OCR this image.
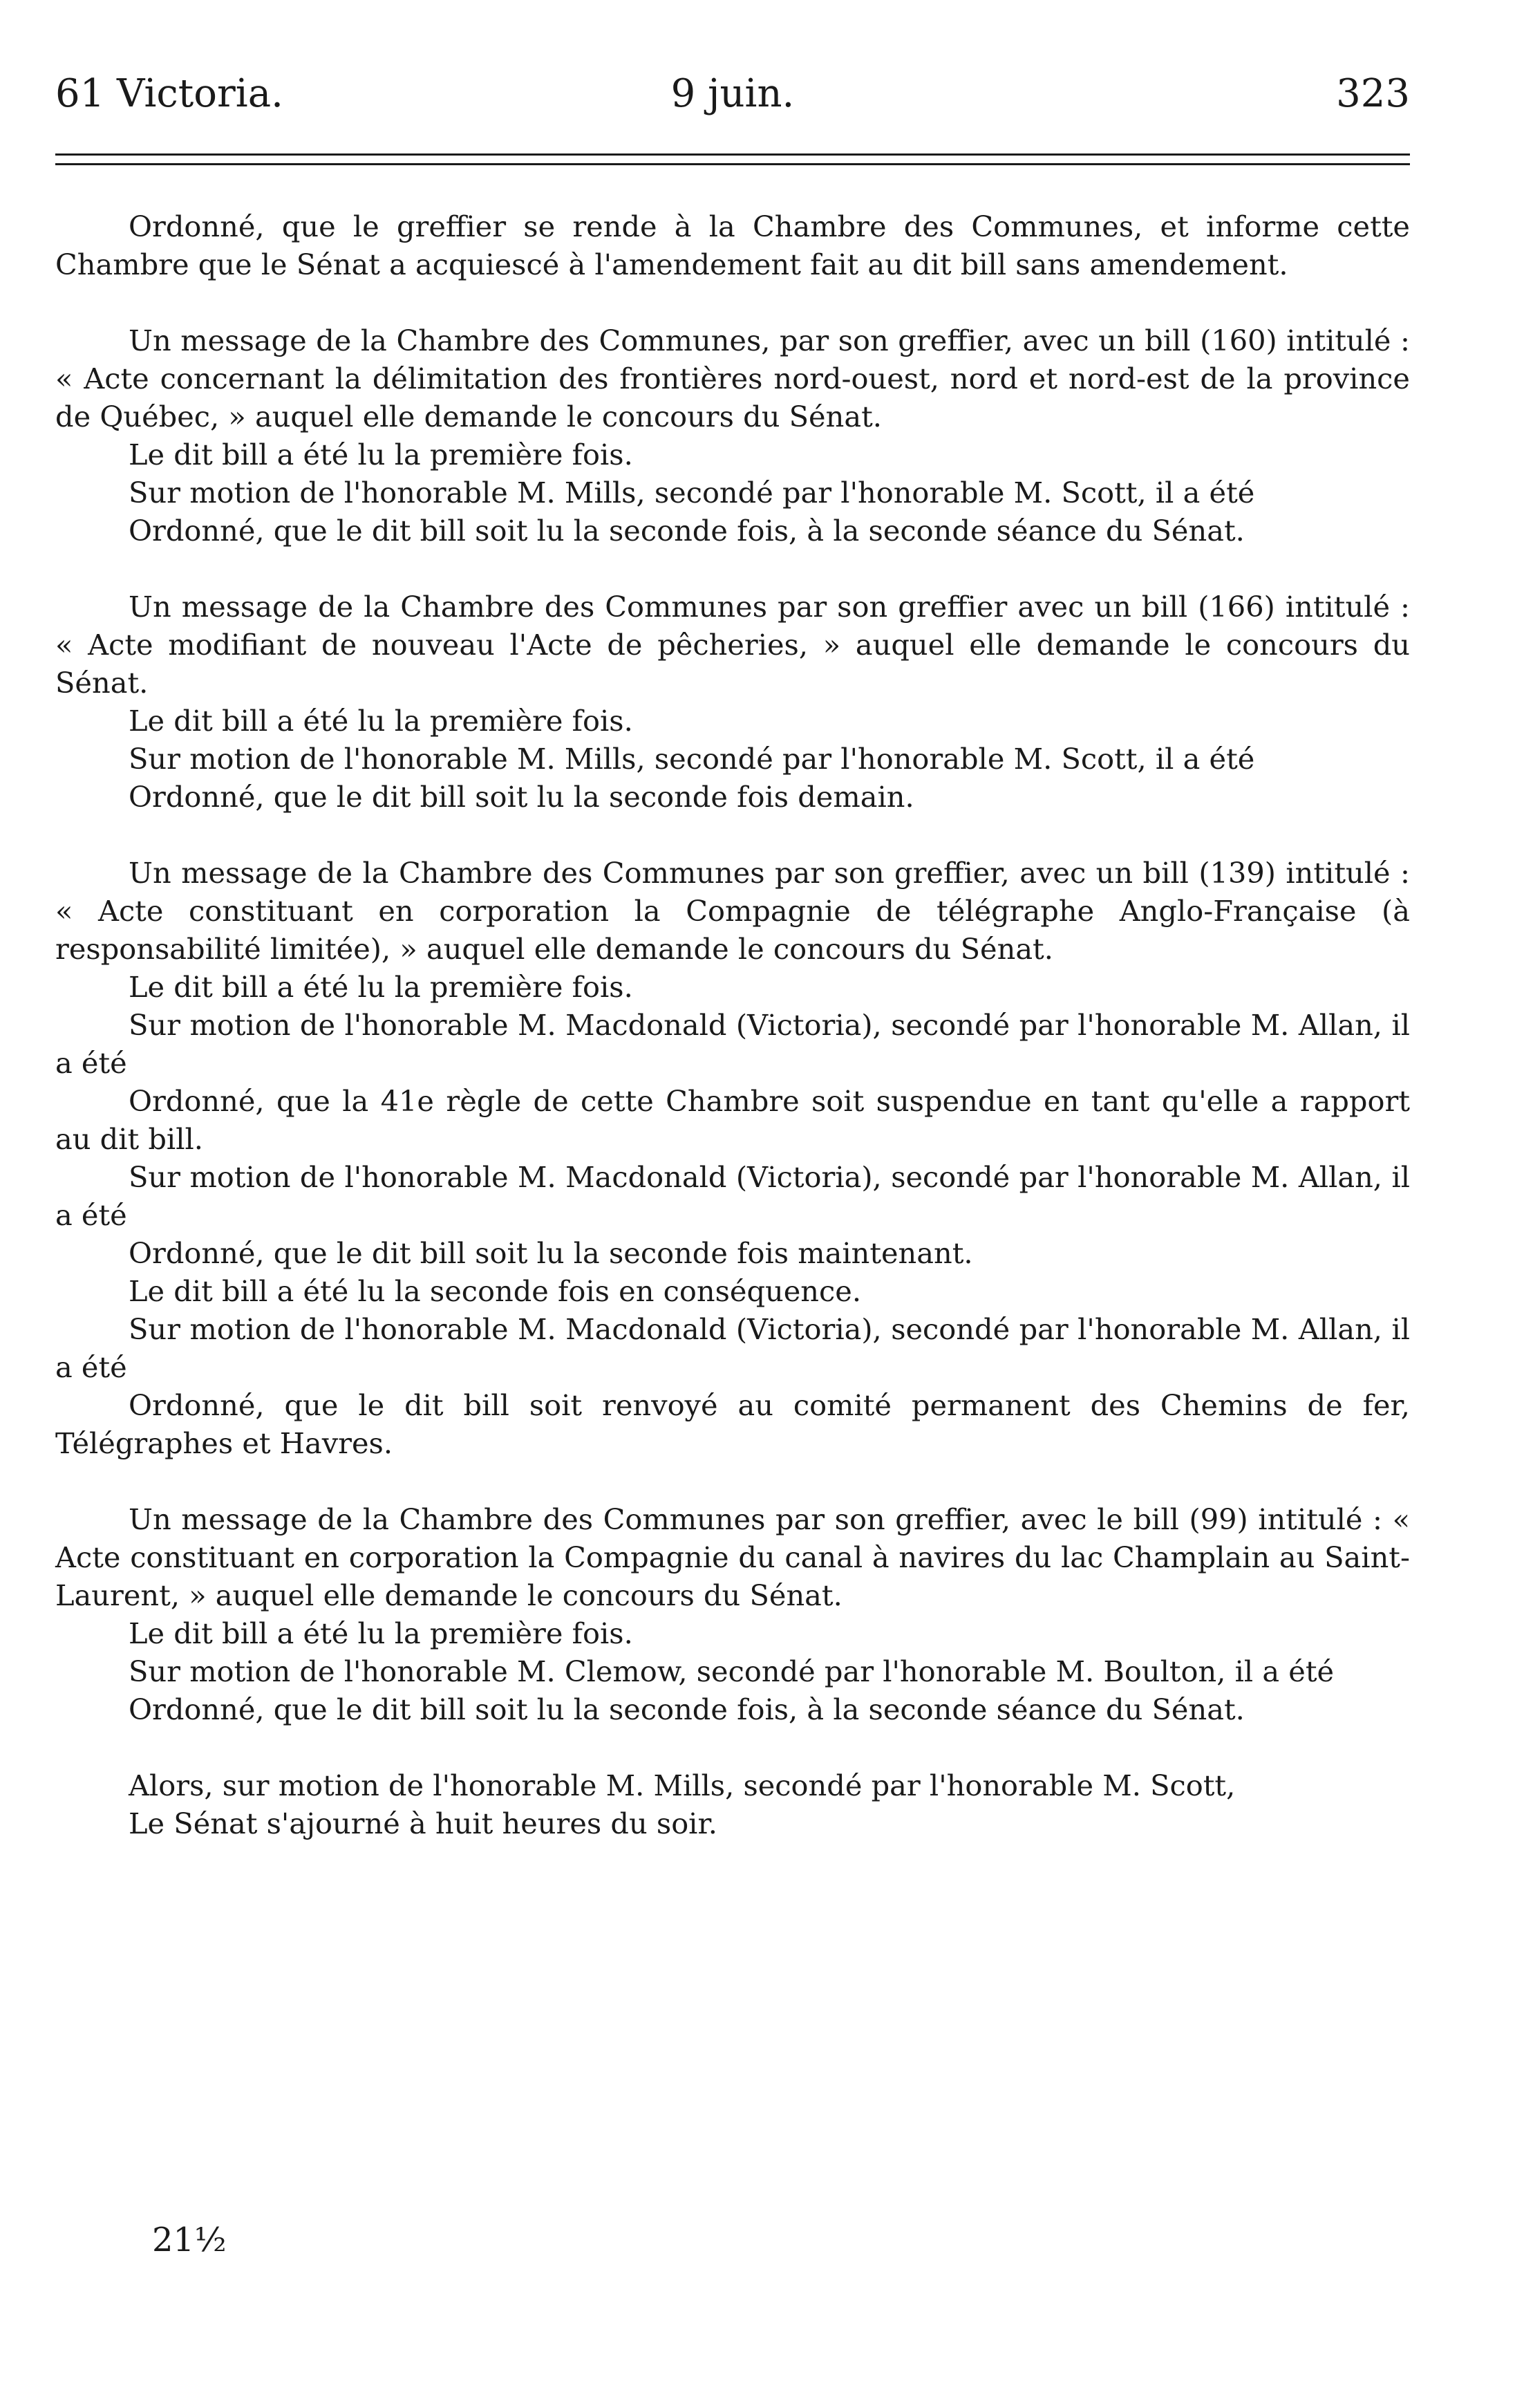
61 Victoria.	9 juin.	323

Ordonné, que le greffier se rende à la Chambre des Communes, et informe cette Chambre que le Sénat a acquiescé à l'amendement fait au dit bill sans amendement.

Un message de la Chambre des Communes, par son greffier, avec un bill (160) intitulé : « Acte concernant la délimitation des frontières nord-ouest, nord et nord-est de la province de Québec, » auquel elle demande le concours du Sénat.

Le dit bill a été lu la première fois.

Sur motion de l'honorable M. Mills, secondé par l'honorable M. Scott, il a été

Ordonné, que le dit bill soit lu la seconde fois, à la seconde séance du Sénat.

Un message de la Chambre des Communes par son greffier avec un bill (166) intitulé : « Acte modifiant de nouveau l'Acte de pêcheries, » auquel elle demande le concours du Sénat.

Le dit bill a été lu la première fois.

Sur motion de l'honorable M. Mills, secondé par l'honorable M. Scott, il a été

Ordonné, que le dit bill soit lu la seconde fois demain.

Un message de la Chambre des Communes par son greffier, avec un bill (139) intitulé : « Acte constituant en corporation la Compagnie de télégraphe Anglo-Française (à responsabilité limitée), » auquel elle demande le concours du Sénat.

Le dit bill a été lu la première fois.

Sur motion de l'honorable M. Macdonald (Victoria), secondé par l'honorable M. Allan, il a été

Ordonné, que la 41e règle de cette Chambre soit suspendue en tant qu'elle a rapport au dit bill.

Sur motion de l'honorable M. Macdonald (Victoria), secondé par l'honorable M. Allan, il a été

Ordonné, que le dit bill soit lu la seconde fois maintenant.

Le dit bill a été lu la seconde fois en conséquence.

Sur motion de l'honorable M. Macdonald (Victoria), secondé par l'honorable M. Allan, il a été

Ordonné, que le dit bill soit renvoyé au comité permanent des Chemins de fer, Télégraphes et Havres.

Un message de la Chambre des Communes par son greffier, avec le bill (99) intitulé : « Acte constituant en corporation la Compagnie du canal à navires du lac Champlain au Saint-Laurent, » auquel elle demande le concours du Sénat.

Le dit bill a été lu la première fois.

Sur motion de l'honorable M. Clemow, secondé par l'honorable M. Boulton, il a été

Ordonné, que le dit bill soit lu la seconde fois, à la seconde séance du Sénat.

Alors, sur motion de l'honorable M. Mills, secondé par l'honorable M. Scott,

Le Sénat s'ajourné à huit heures du soir.

21½
